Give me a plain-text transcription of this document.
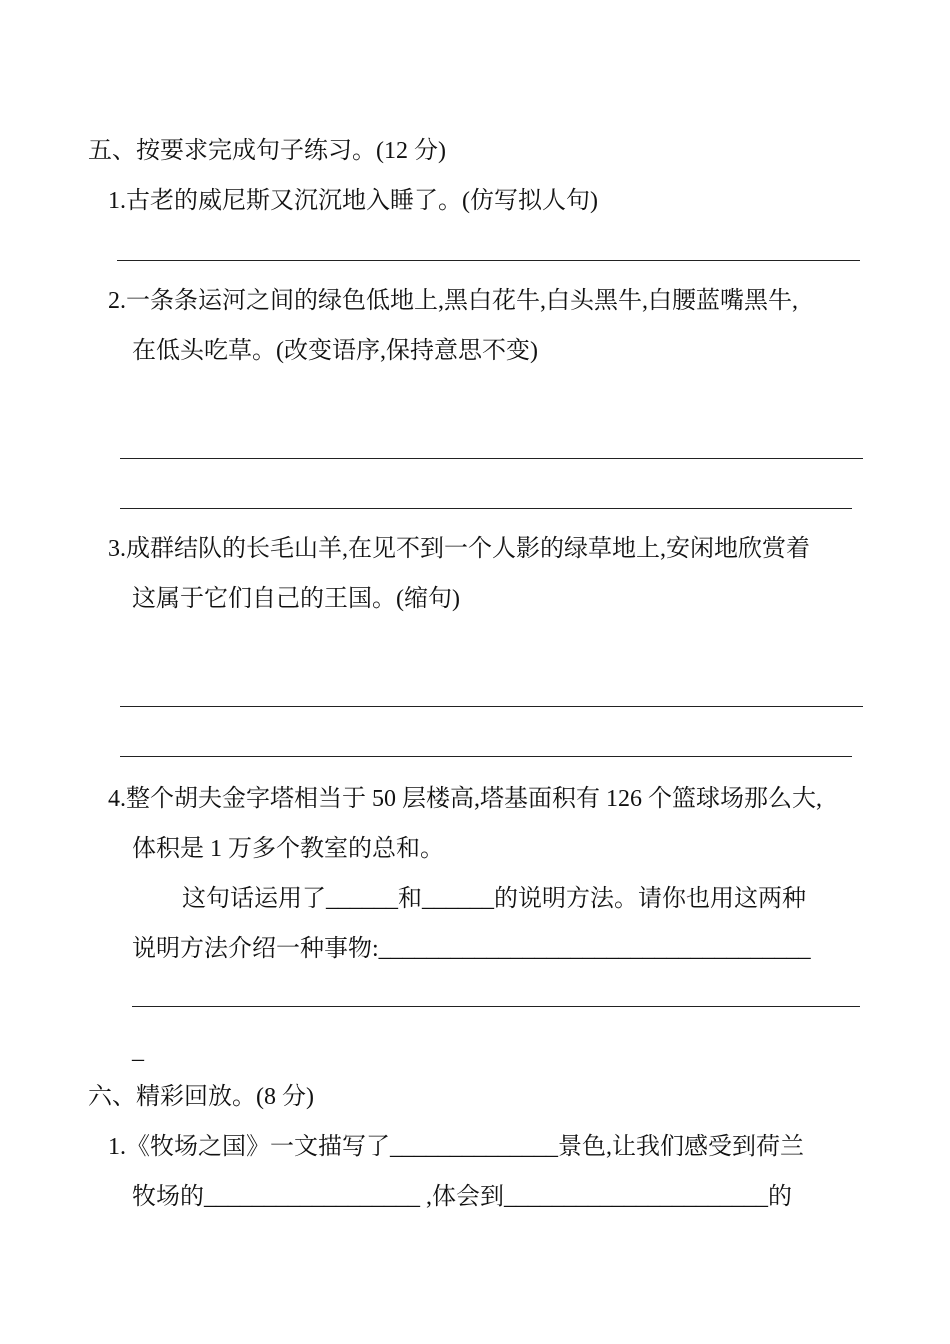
五、按要求完成句子练习。(12 分)
1.古老的威尼斯又沉沉地入睡了。(仿写拟人句)
2.一条条运河之间的绿色低地上,黑白花牛,白头黑牛,白腰蓝嘴黑牛,
在低头吃草。(改变语序,保持意思不变)
3.成群结队的长毛山羊,在见不到一个人影的绿草地上,安闲地欣赏着
这属于它们自己的王国。(缩句)
4.整个胡夫金字塔相当于 50 层楼高,塔基面积有 126 个篮球场那么大,
体积是 1 万多个教室的总和。
这句话运用了______和______的说明方法。请你也用这两种
说明方法介绍一种事物:____________________________________
_
六、精彩回放。(8 分)
1.《牧场之国》一文描写了______________景色,让我们感受到荷兰
牧场的__________________ ,体会到______________________的
